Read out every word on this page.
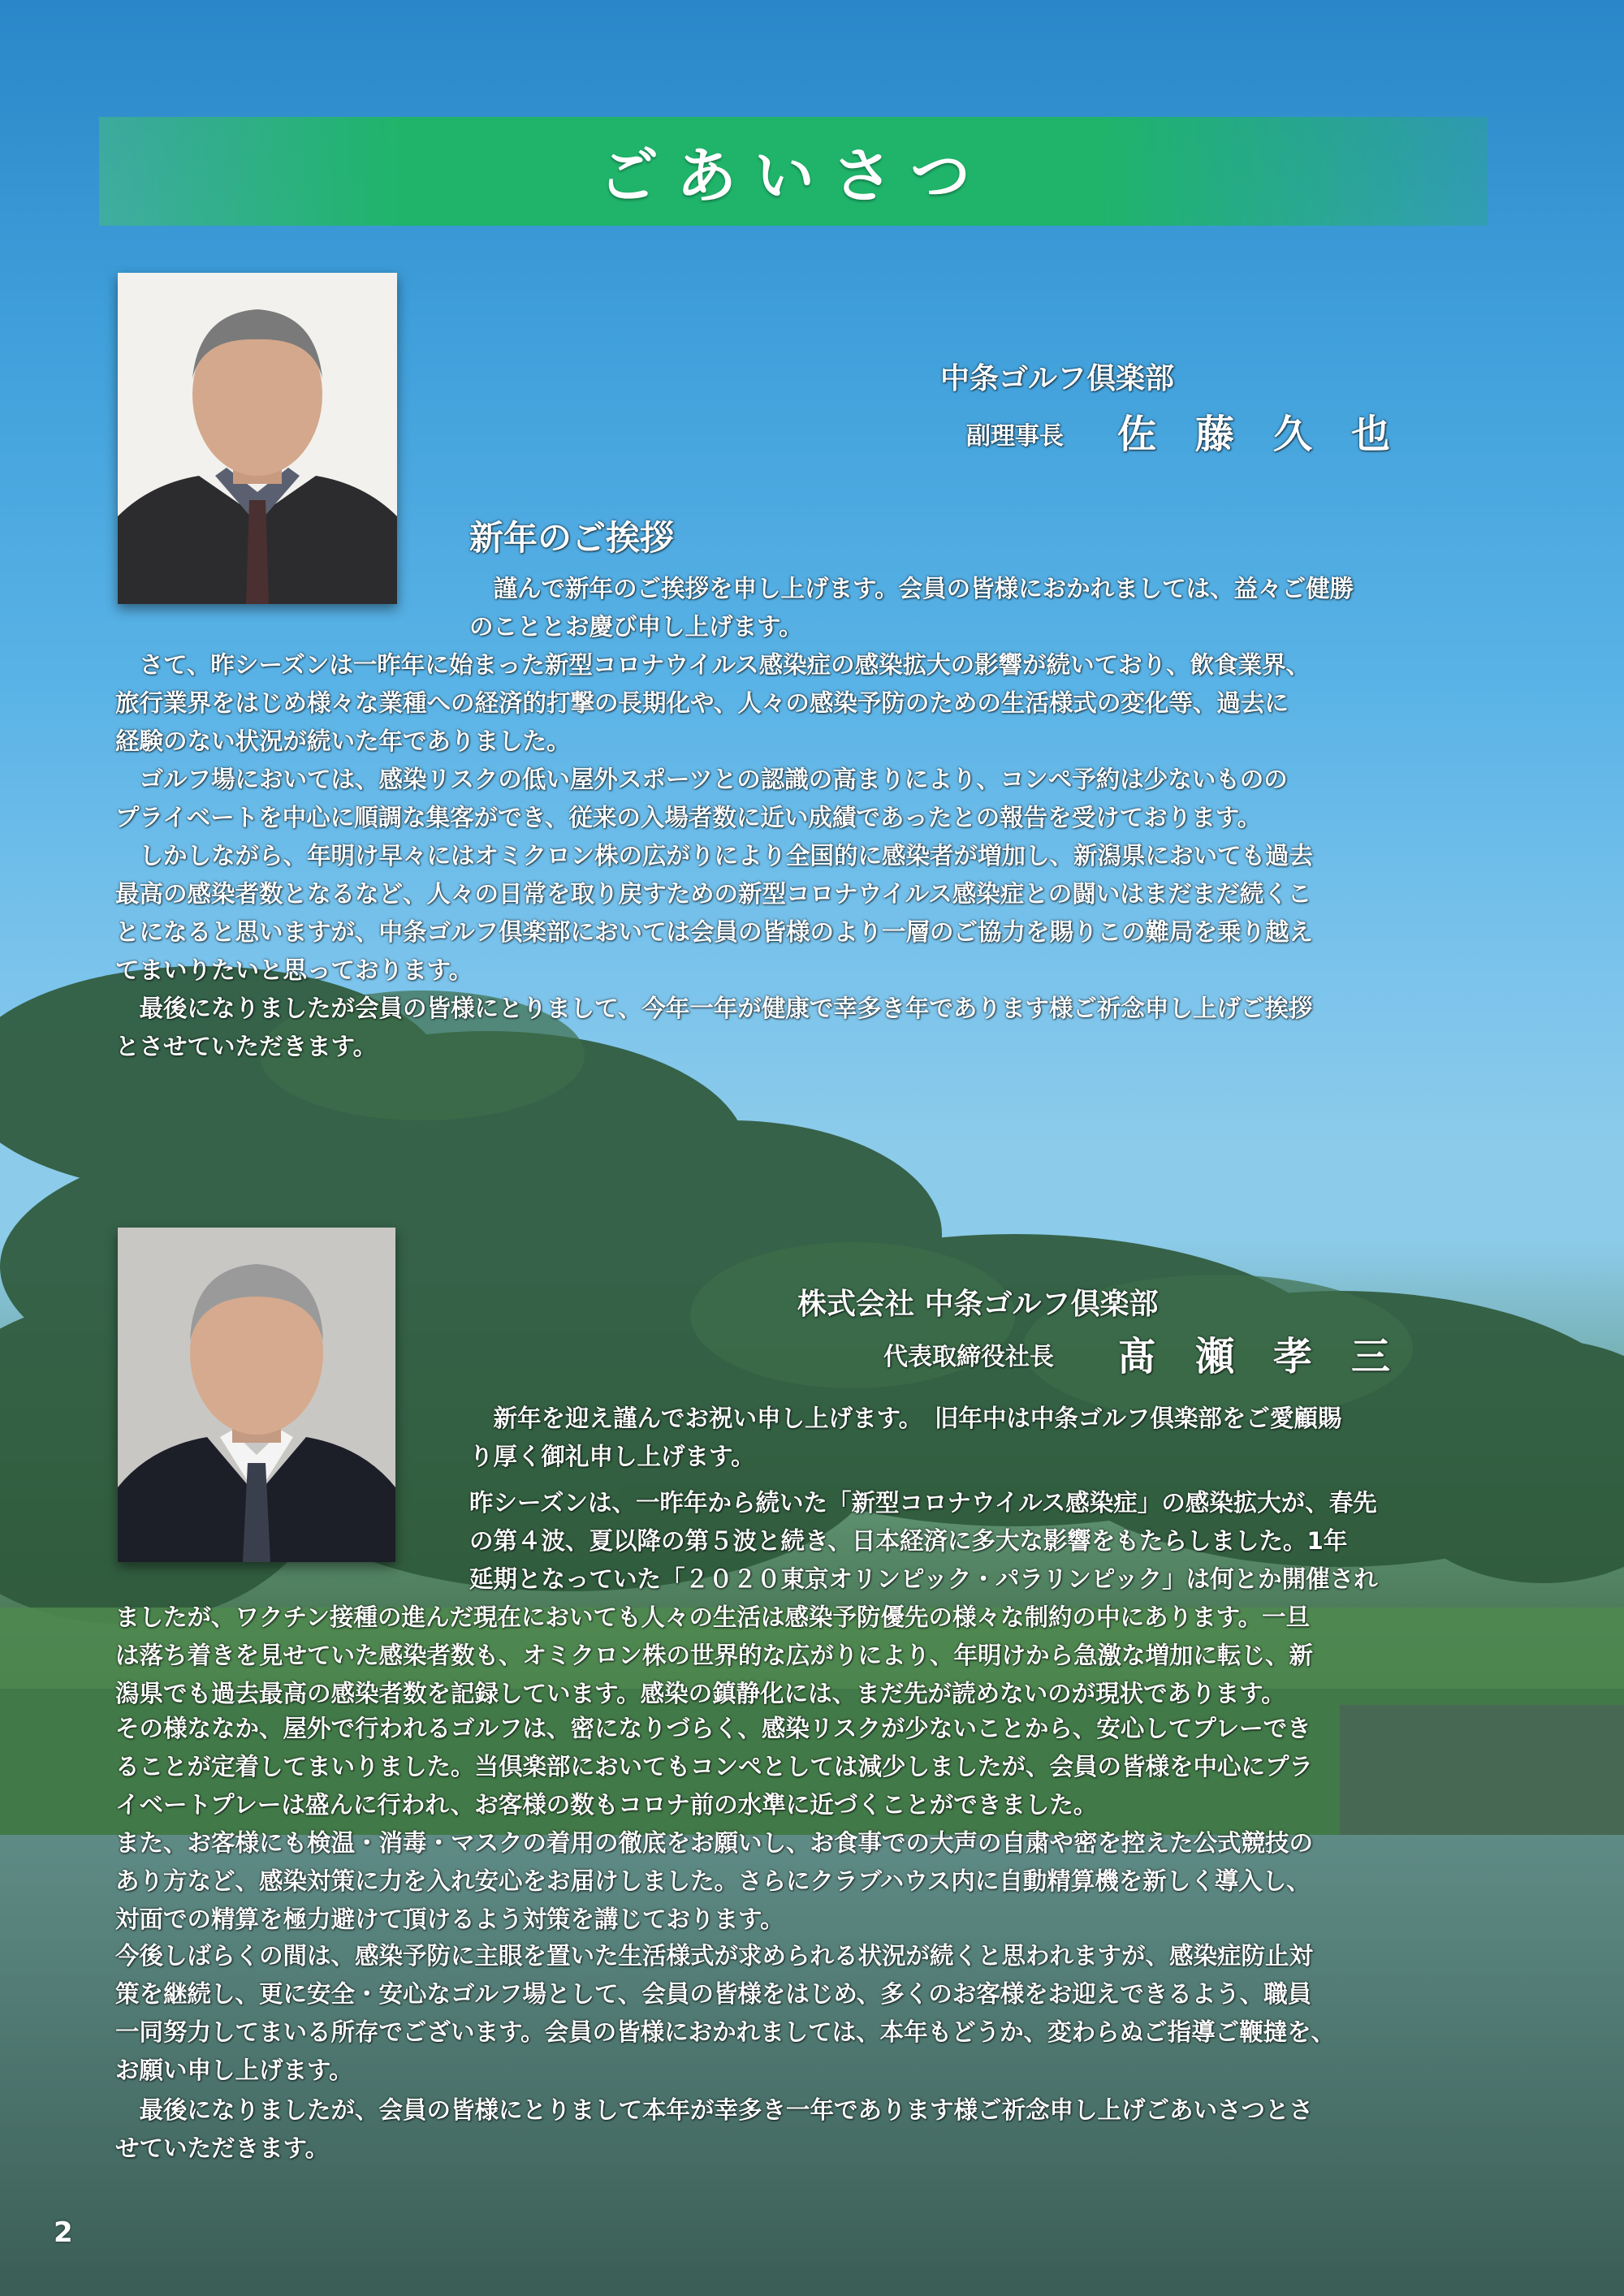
ごあいさつ
中条ゴルフ倶楽部
副理事長 佐　藤　久　也
新年のご挨拶
　謹んで新年のご挨拶を申し上げます。会員の皆様におかれましては、益々ご健勝
のこととお慶び申し上げます。
　さて、昨シーズンは一昨年に始まった新型コロナウイルス感染症の感染拡大の影響が続いており、飲食業界、
旅行業界をはじめ様々な業種への経済的打撃の長期化や、人々の感染予防のための生活様式の変化等、過去に
経験のない状況が続いた年でありました。
　ゴルフ場においては、感染リスクの低い屋外スポーツとの認識の高まりにより、コンペ予約は少ないものの
プライベートを中心に順調な集客ができ、従来の入場者数に近い成績であったとの報告を受けております。
　しかしながら、年明け早々にはオミクロン株の広がりにより全国的に感染者が増加し、新潟県においても過去
最高の感染者数となるなど、人々の日常を取り戻すための新型コロナウイルス感染症との闘いはまだまだ続くこ
とになると思いますが、中条ゴルフ倶楽部においては会員の皆様のより一層のご協力を賜りこの難局を乗り越え
てまいりたいと思っております。
　最後になりましたが会員の皆様にとりまして、今年一年が健康で幸多き年であります様ご祈念申し上げご挨拶
とさせていただきます。
株式会社 中条ゴルフ倶楽部
代表取締役社長 髙　瀬　孝　三
　新年を迎え謹んでお祝い申し上げます。　旧年中は中条ゴルフ倶楽部をご愛顧賜
り厚く御礼申し上げます。
昨シーズンは、一昨年から続いた「新型コロナウイルス感染症」の感染拡大が、春先
の第４波、夏以降の第５波と続き、日本経済に多大な影響をもたらしました。1年
延期となっていた「２０２０東京オリンピック・パラリンピック」は何とか開催され
ましたが、ワクチン接種の進んだ現在においても人々の生活は感染予防優先の様々な制約の中にあります。一旦
は落ち着きを見せていた感染者数も、オミクロン株の世界的な広がりにより、年明けから急激な増加に転じ、新
潟県でも過去最高の感染者数を記録しています。感染の鎮静化には、まだ先が読めないのが現状であります。
その様ななか、屋外で行われるゴルフは、密になりづらく、感染リスクが少ないことから、安心してプレーでき
ることが定着してまいりました。当倶楽部においてもコンペとしては減少しましたが、会員の皆様を中心にプラ
イベートプレーは盛んに行われ、お客様の数もコロナ前の水準に近づくことができました。
また、お客様にも検温・消毒・マスクの着用の徹底をお願いし、お食事での大声の自粛や密を控えた公式競技の
あり方など、感染対策に力を入れ安心をお届けしました。さらにクラブハウス内に自動精算機を新しく導入し、
対面での精算を極力避けて頂けるよう対策を講じております。
今後しばらくの間は、感染予防に主眼を置いた生活様式が求められる状況が続くと思われますが、感染症防止対
策を継続し、更に安全・安心なゴルフ場として、会員の皆様をはじめ、多くのお客様をお迎えできるよう、職員
一同努力してまいる所存でございます。会員の皆様におかれましては、本年もどうか、変わらぬご指導ご鞭撻を、
お願い申し上げます。
　最後になりましたが、会員の皆様にとりまして本年が幸多き一年であります様ご祈念申し上げごあいさつとさ
せていただきます。
2
